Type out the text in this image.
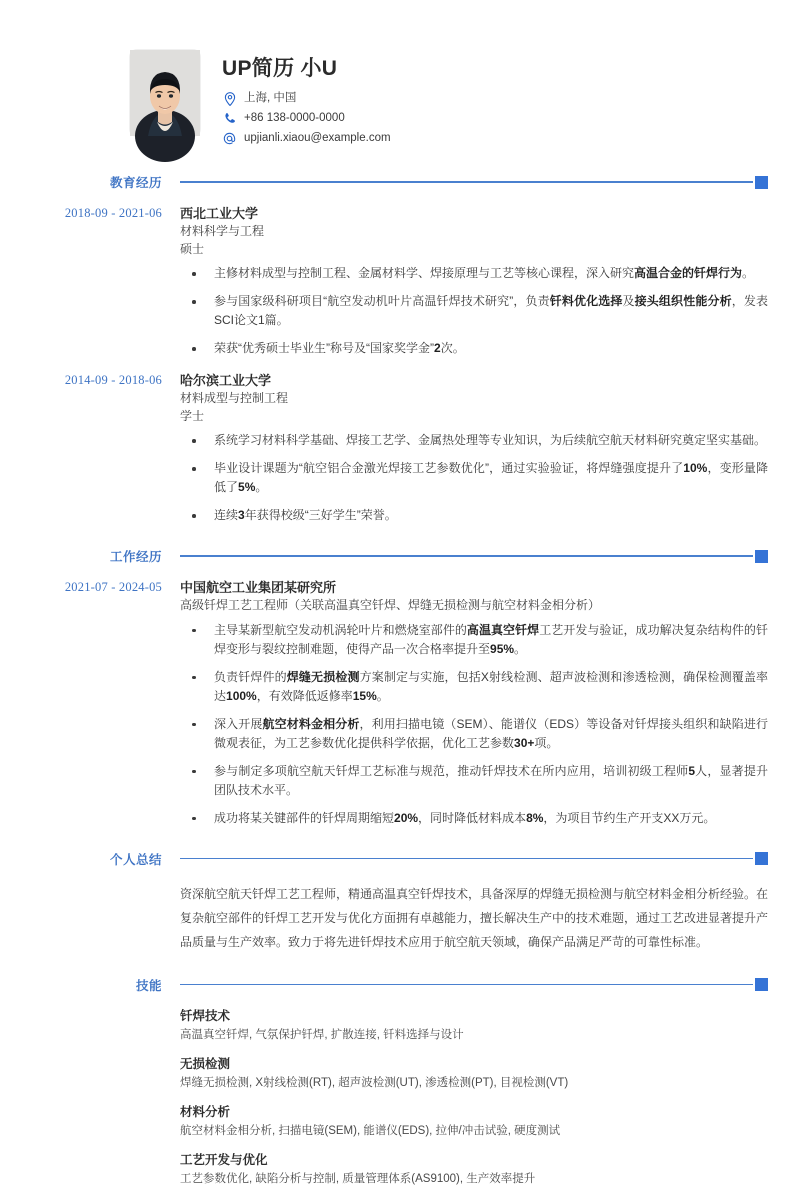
UP简历 小U
上海, 中国
+86 138-0000-0000
upjianli.xiaou@example.com
教育经历
2018-09 - 2021-06	西北工业大学
材料科学与工程
硕士
主修材料成型与控制工程、金属材料学、焊接原理与工艺等核心课程，深入研究高温合金的钎焊行为。
参与国家级科研项目“航空发动机叶片高温钎焊技术研究”，负责钎料优化选择及接头组织性能分析，发表SCI论文1篇。
荣获“优秀硕士毕业生”称号及“国家奖学金”2次。
2014-09 - 2018-06	哈尔滨工业大学
材料成型与控制工程
学士
系统学习材料科学基础、焊接工艺学、金属热处理等专业知识，为后续航空航天材料研究奠定坚实基础。
毕业设计课题为“航空铝合金激光焊接工艺参数优化”，通过实验验证，将焊缝强度提升了10%，变形量降低了5%。
连续3年获得校级“三好学生”荣誉。
工作经历
2021-07 - 2024-05	中国航空工业集团某研究所
高级钎焊工艺工程师（关联高温真空钎焊、焊缝无损检测与航空材料金相分析）
主导某新型航空发动机涡轮叶片和燃烧室部件的高温真空钎焊工艺开发与验证，成功解决复杂结构件的钎焊变形与裂纹控制难题，使得产品一次合格率提升至95%。
负责钎焊件的焊缝无损检测方案制定与实施，包括X射线检测、超声波检测和渗透检测，确保检测覆盖率达100%，有效降低返修率15%。
深入开展航空材料金相分析，利用扫描电镜（SEM）、能谱仪（EDS）等设备对钎焊接头组织和缺陷进行微观表征，为工艺参数优化提供科学依据，优化工艺参数30+项。
参与制定多项航空航天钎焊工艺标准与规范，推动钎焊技术在所内应用，培训初级工程师5人，显著提升团队技术水平。
成功将某关键部件的钎焊周期缩短20%，同时降低材料成本8%，为项目节约生产开支XX万元。
个人总结
资深航空航天钎焊工艺工程师，精通高温真空钎焊技术，具备深厚的焊缝无损检测与航空材料金相分析经验。在复杂航空部件的钎焊工艺开发与优化方面拥有卓越能力，擅长解决生产中的技术难题，通过工艺改进显著提升产品质量与生产效率。致力于将先进钎焊技术应用于航空航天领域，确保产品满足严苛的可靠性标准。
技能
钎焊技术
高温真空钎焊, 气氛保护钎焊, 扩散连接, 钎料选择与设计
无损检测
焊缝无损检测, X射线检测(RT), 超声波检测(UT), 渗透检测(PT), 目视检测(VT)
材料分析
航空材料金相分析, 扫描电镜(SEM), 能谱仪(EDS), 拉伸/冲击试验, 硬度测试
工艺开发与优化
工艺参数优化, 缺陷分析与控制, 质量管理体系(AS9100), 生产效率提升
